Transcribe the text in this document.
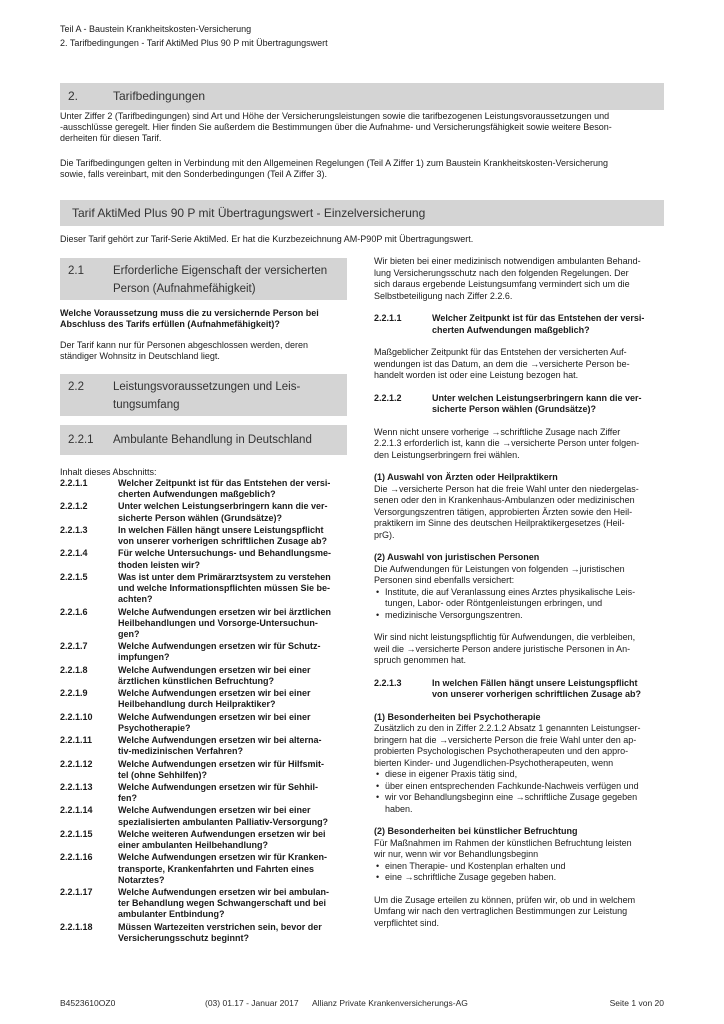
Teil A - Baustein Krankheitskosten-Versicherung
2. Tarifbedingungen - Tarif AktiMed Plus 90 P mit Übertragungswert
2.	Tarifbedingungen
Unter Ziffer 2 (Tarifbedingungen) sind Art und Höhe der Versicherungsleistungen sowie die tarifbezogenen Leistungsvoraussetzungen und
-ausschlüsse geregelt. Hier finden Sie außerdem die Bestimmungen über die Aufnahme- und Versicherungsfähigkeit sowie weitere Beson-
derheiten für diesen Tarif.
Die Tarifbedingungen gelten in Verbindung mit den Allgemeinen Regelungen (Teil A Ziffer 1) zum Baustein Krankheitskosten-Versicherung
sowie, falls vereinbart, mit den Sonderbedingungen (Teil A Ziffer 3).
Tarif AktiMed Plus 90 P mit Übertragungswert - Einzelversicherung
Dieser Tarif gehört zur Tarif-Serie AktiMed. Er hat die Kurzbezeichnung AM-P90P mit Übertragungswert.
2.1	Erforderliche Eigenschaft der versicherten
Person (Aufnahmefähigkeit)
Welche Voraussetzung muss die zu versichernde Person bei
Abschluss des Tarifs erfüllen (Aufnahmefähigkeit)?
Der Tarif kann nur für Personen abgeschlossen werden, deren
ständiger Wohnsitz in Deutschland liegt.
2.2	Leistungsvoraussetzungen und Leis-
tungsumfang
2.2.1 Ambulante Behandlung in Deutschland
Inhalt dieses Abschnitts:
2.2.1.1	Welcher Zeitpunkt ist für das Entstehen der versi-
cherten Aufwendungen maßgeblich?
2.2.1.2	Unter welchen Leistungserbringern kann die ver-
sicherte Person wählen (Grundsätze)?
2.2.1.3	In welchen Fällen hängt unsere Leistungspflicht
von unserer vorherigen schriftlichen Zusage ab?
2.2.1.4	Für welche Untersuchungs- und Behandlungsme-
thoden leisten wir?
2.2.1.5	Was ist unter dem Primärarztsystem zu verstehen
und welche Informationspflichten müssen Sie be-
achten?
2.2.1.6	Welche Aufwendungen ersetzen wir bei ärztlichen
Heilbehandlungen und Vorsorge-Untersuchun-
gen?
2.2.1.7	Welche Aufwendungen ersetzen wir für Schutz-
impfungen?
2.2.1.8	Welche Aufwendungen ersetzen wir bei einer
ärztlichen künstlichen Befruchtung?
2.2.1.9	Welche Aufwendungen ersetzen wir bei einer
Heilbehandlung durch Heilpraktiker?
2.2.1.10	Welche Aufwendungen ersetzen wir bei einer
Psychotherapie?
2.2.1.11	Welche Aufwendungen ersetzen wir bei alterna-
tiv-medizinischen Verfahren?
2.2.1.12	Welche Aufwendungen ersetzen wir für Hilfsmit-
tel (ohne Sehhilfen)?
2.2.1.13	Welche Aufwendungen ersetzen wir für Sehhil-
fen?
2.2.1.14	Welche Aufwendungen ersetzen wir bei einer
spezialisierten ambulanten Palliativ-Versorgung?
2.2.1.15	Welche weiteren Aufwendungen ersetzen wir bei
einer ambulanten Heilbehandlung?
2.2.1.16	Welche Aufwendungen ersetzen wir für Kranken-
transporte, Krankenfahrten und Fahrten eines
Notarztes?
2.2.1.17	Welche Aufwendungen ersetzen wir bei ambulan-
ter Behandlung wegen Schwangerschaft und bei
ambulanter Entbindung?
2.2.1.18	Müssen Wartezeiten verstrichen sein, bevor der
Versicherungsschutz beginnt?
Wir bieten bei einer medizinisch notwendigen ambulanten Behand-
lung Versicherungsschutz nach den folgenden Regelungen. Der
sich daraus ergebende Leistungsumfang vermindert sich um die
Selbstbeteiligung nach Ziffer 2.2.6.
2.2.1.1	Welcher Zeitpunkt ist für das Entstehen der versi-
cherten Aufwendungen maßgeblich?
Maßgeblicher Zeitpunkt für das Entstehen der versicherten Auf-
wendungen ist das Datum, an dem die →versicherte Person be-
handelt worden ist oder eine Leistung bezogen hat.
2.2.1.2	Unter welchen Leistungserbringern kann die ver-
sicherte Person wählen (Grundsätze)?
Wenn nicht unsere vorherige →schriftliche Zusage nach Ziffer
2.2.1.3 erforderlich ist, kann die →versicherte Person unter folgen-
den Leistungserbringern frei wählen.
(1) Auswahl von Ärzten oder Heilpraktikern
Die →versicherte Person hat die freie Wahl unter den niedergelas-
senen oder den in Krankenhaus-Ambulanzen oder medizinischen
Versorgungszentren tätigen, approbierten Ärzten sowie den Heil-
praktikern im Sinne des deutschen Heilpraktikergesetzes (Heil-
prG).
(2) Auswahl von juristischen Personen
Die Aufwendungen für Leistungen von folgenden →juristischen
Personen sind ebenfalls versichert:
• Institute, die auf Veranlassung eines Arztes physikalische Leis-
tungen, Labor- oder Röntgenleistungen erbringen, und
• medizinische Versorgungszentren.
Wir sind nicht leistungspflichtig für Aufwendungen, die verbleiben,
weil die →versicherte Person andere juristische Personen in An-
spruch genommen hat.
2.2.1.3	In welchen Fällen hängt unsere Leistungspflicht
von unserer vorherigen schriftlichen Zusage ab?
(1) Besonderheiten bei Psychotherapie
Zusätzlich zu den in Ziffer 2.2.1.2 Absatz 1 genannten Leistungser-
bringern hat die →versicherte Person die freie Wahl unter den ap-
probierten Psychologischen Psychotherapeuten und den appro-
bierten Kinder- und Jugendlichen-Psychotherapeuten, wenn
• diese in eigener Praxis tätig sind,
• über einen entsprechenden Fachkunde-Nachweis verfügen und
• wir vor Behandlungsbeginn eine →schriftliche Zusage gegeben
haben.
(2) Besonderheiten bei künstlicher Befruchtung
Für Maßnahmen im Rahmen der künstlichen Befruchtung leisten
wir nur, wenn wir vor Behandlungsbeginn
• einen Therapie- und Kostenplan erhalten und
• eine →schriftliche Zusage gegeben haben.
Um die Zusage erteilen zu können, prüfen wir, ob und in welchem
Umfang wir nach den vertraglichen Bestimmungen zur Leistung
verpflichtet sind.
B4523610OZ0	(03) 01.17 - Januar 2017 Allianz Private Krankenversicherungs-AG	Seite 1 von 20
